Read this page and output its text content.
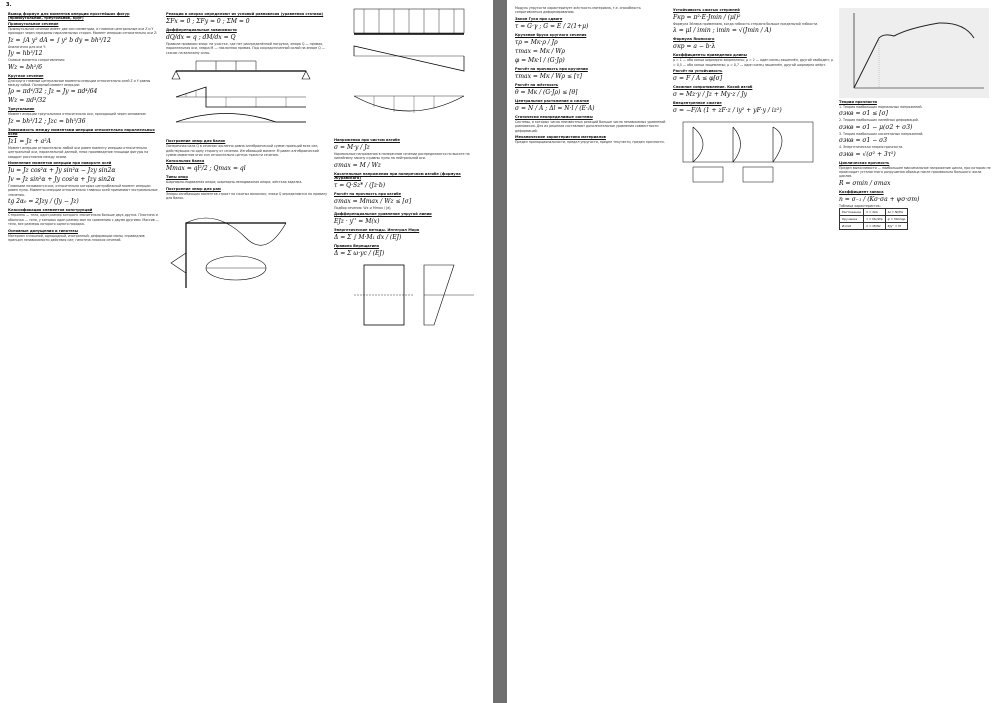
3.
Вывод формул для моментов инерции простейших фигур (прямоугольник, треугольник, круг)
Прямоугольное сечение
Прямоугольное сечение имеет две оси симметрии, и главные центральные оси Z и Y проходят через середины параллельных сторон. Момент инерции относительно оси Z:
Jz = ∫A y² dA = ∫ y² b dy = bh³/12
Аналогично для оси Y:
Jy = hb³/12
Осевые моменты сопротивления:
Wz = bh²/6
Круглое сечение
Для круга главные центральные моменты инерции относительно осей Z и Y равны между собой. Полярный момент инерции:
Jρ = πd⁴/32 ; Jz = Jy = πd⁴/64
Wz = πd³/32
Треугольник
Момент инерции треугольника относительно оси, проходящей через основание:
Jz = bh³/12 ; Jzc = bh³/36
Зависимость между моментами инерции относительно параллельных осей
Jz1 = Jz + a²A
Момент инерции относительно любой оси равен моменту инерции относительно центральной оси, параллельной данной, плюс произведение площади фигуры на квадрат расстояния между осями.
Изменение моментов инерции при повороте осей
Ju = Jz cos²α + Jy sin²α − Jzy sin2α
Jv = Jz sin²α + Jy cos²α + Jzy sin2α
Главными называются оси, относительно которых центробежный момент инерции равен нулю. Моменты инерции относительно главных осей принимают экстремальные значения.
tg 2α₀ = 2Jzy / (Jy − Jz)
Классификация элементов конструкций
Стержень — тело, один размер которого значительно больше двух других. Пластина и оболочка — тела, у которых один размер мал по сравнению с двумя другими. Массив — тело, все размеры которого одного порядка.
Основные допущения и гипотезы
Материал сплошной, однородный, изотропный; деформации малы; справедлив принцип независимости действия сил; гипотеза плоских сечений.
Реакции в опорах определяют из условий равновесия (уравнения статики)
ΣFx = 0 ; ΣFy = 0 ; ΣM = 0
Дифференциальные зависимости
dQ/dx = q ; dM/dx = Q
Правила проверки эпюр: на участке, где нет распределённой нагрузки, эпюра Q — прямая, параллельная оси, эпюра M — наклонная прямая. Под сосредоточенной силой на эпюре Q — скачок на величину силы.
Построение эпюр для балок
Поперечная сила Q в сечении численно равна алгебраической сумме проекций всех сил, действующих по одну сторону от сечения. Изгибающий момент M равен алгебраической сумме моментов этих сил относительно центра тяжести сечения.
Консольная балка
Mmax = ql²/2 ; Qmax = ql
Типы опор
Шарнирно-подвижная опора; шарнирно-неподвижная опора; жёсткая заделка.
Построение эпюр для рам
Эпюры изгибающих моментов строят на сжатых волокнах; знаки Q определяются по правилу для балок.
Напряжения при чистом изгибе
σ = M·y / Jz
Нормальные напряжения в поперечном сечении распределяются по высоте по линейному закону и равны нулю на нейтральной оси.
σmax = M / Wz
Касательные напряжения при поперечном изгибе (формула Журавского)
τ = Q·Sz* / (Jz·b)
Расчёт на прочность при изгибе
σmax = Mmax / Wz ≤ [σ]
Подбор сечения: Wz ≥ Mmax / [σ].
Дифференциальное уравнение упругой линии
EJz · y'' = M(x)
Энергетические методы. Интеграл Мора
Δ = Σ ∫ M·M₁ dx / (EJ)
Правило Верещагина
Δ = Σ ω·yc / (EJ)
Модуль упругости характеризует жёсткость материала, т.е. способность сопротивляться деформированию.
Закон Гука при сдвиге
τ = G·γ ; G = E / 2(1+μ)
Кручение бруса круглого сечения
τρ = Mк·ρ / Jρ
τmax = Mк / Wρ
φ = Mк·l / (G·Jρ)
Расчёт на прочность при кручении
τmax = Mк / Wρ ≤ [τ]
Расчёт на жёсткость
θ = Mк / (G·Jρ) ≤ [θ]
Центральное растяжение и сжатие
σ = N / A ; Δl = N·l / (E·A)
Статически неопределимые системы
Системы, в которых число неизвестных реакций больше числа независимых уравнений равновесия. Для их решения составляют дополнительные уравнения совместности деформаций.
Механические характеристики материалов
Предел пропорциональности, предел упругости, предел текучести, предел прочности.
Устойчивость сжатых стержней
Fкр = π²·E·Jmin / (μl)²
Формула Эйлера применима, когда гибкость стержня больше предельной гибкости.
λ = μl / imin ; imin = √(Jmin / A)
Формула Ясинского
σкр = a − b·λ
Коэффициенты приведения длины
μ = 1 — оба конца шарнирно закреплены; μ = 2 — один конец защемлён, другой свободен; μ = 0,5 — оба конца защемлены; μ = 0,7 — один конец защемлён, другой шарнирно опёрт.
Расчёт на устойчивость
σ = F / A ≤ φ[σ]
Сложное сопротивление. Косой изгиб
σ = Mz·y / Jz + My·z / Jy
Внецентренное сжатие
σ = −F/A (1 + zF·z / iy² + yF·y / iz²)
Теории прочности
1. Теория наибольших нормальных напряжений.
σэкв = σ1 ≤ [σ]
2. Теория наибольших линейных деформаций.
σэкв = σ1 − μ(σ2 + σ3)
3. Теория наибольших касательных напряжений.
σэкв = σ1 − σ3
4. Энергетическая теория прочности.
σэкв = √(σ² + 3τ²)
Циклическая прочность
Предел выносливости — наибольшее максимальное напряжение цикла, при котором не происходит усталостного разрушения образца после произвольно большого числа циклов.
R = σmin / σmax
Коэффициент запаса
n = σ₋₁ / (Kσ·σa + ψσ·σm)
Таблица характеристик:
Растяжение	σ = N/A	Δl = Nl/EA
Кручение	τ = Mк/Wρ	φ = Mкl/GJρ
Изгиб	σ = M/Wz	EJy'' = M
